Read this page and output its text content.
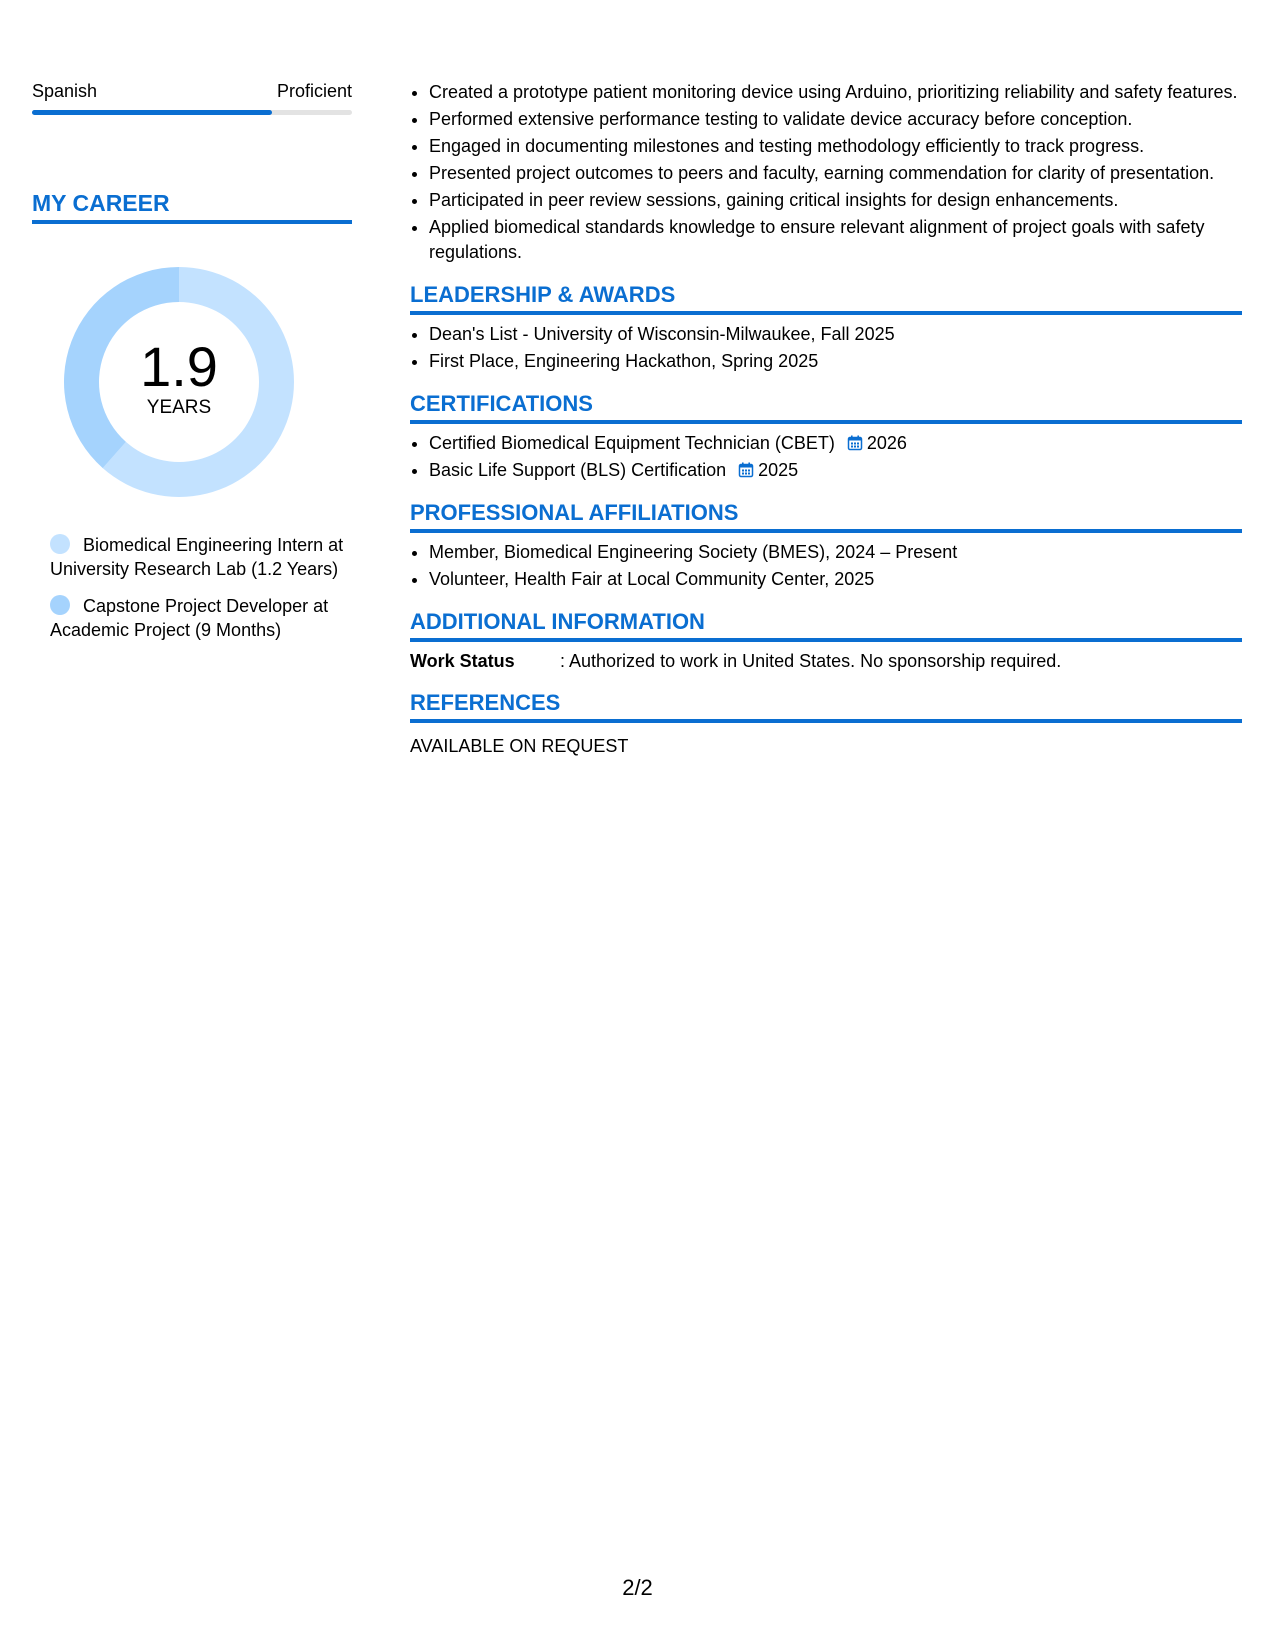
Spanish	Proficient
MY CAREER
1.9
YEARS
Biomedical Engineering Intern at University Research Lab (1.2 Years)
Capstone Project Developer at Academic Project (9 Months)
• Created a prototype patient monitoring device using Arduino, prioritizing reliability and safety features.
• Performed extensive performance testing to validate device accuracy before conception.
• Engaged in documenting milestones and testing methodology efficiently to track progress.
• Presented project outcomes to peers and faculty, earning commendation for clarity of presentation.
• Participated in peer review sessions, gaining critical insights for design enhancements.
• Applied biomedical standards knowledge to ensure relevant alignment of project goals with safety regulations.
LEADERSHIP & AWARDS
• Dean's List - University of Wisconsin-Milwaukee, Fall 2025
• First Place, Engineering Hackathon, Spring 2025
CERTIFICATIONS
• Certified Biomedical Equipment Technician (CBET) 2026
• Basic Life Support (BLS) Certification 2025
PROFESSIONAL AFFILIATIONS
• Member, Biomedical Engineering Society (BMES), 2024 – Present
• Volunteer, Health Fair at Local Community Center, 2025
ADDITIONAL INFORMATION
Work Status	: Authorized to work in United States. No sponsorship required.
REFERENCES
AVAILABLE ON REQUEST
2/2
